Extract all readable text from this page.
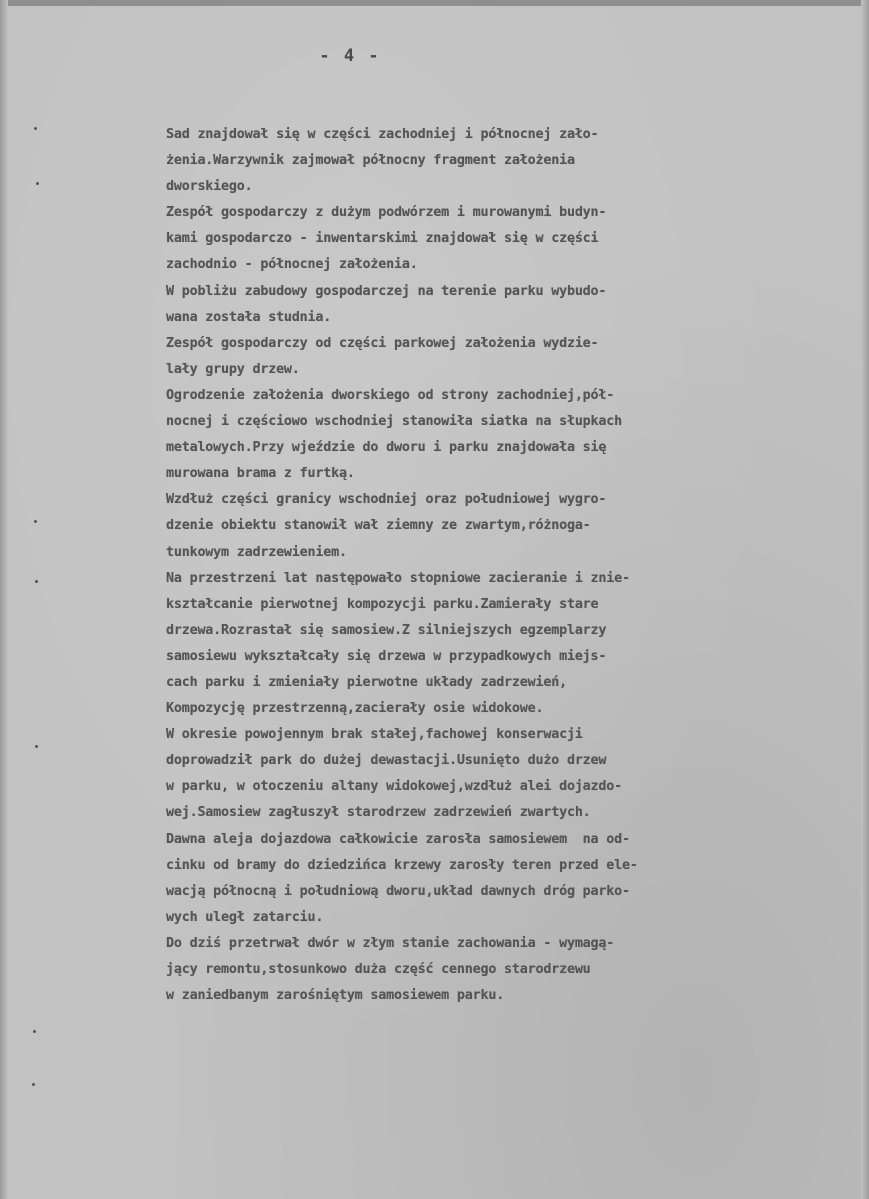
- 4 -
Sad znajdował się w części zachodniej i północnej zało-
żenia.Warzywnik zajmował północny fragment założenia
dworskiego.
Zespół gospodarczy z dużym podwórzem i murowanymi budyn-
kami gospodarczo - inwentarskimi znajdował się w części
zachodnio - północnej założenia.
W pobliżu zabudowy gospodarczej na terenie parku wybudo-
wana została studnia.
Zespół gospodarczy od części parkowej założenia wydzie-
lały grupy drzew.
Ogrodzenie założenia dworskiego od strony zachodniej,pół-
nocnej i częściowo wschodniej stanowiła siatka na słupkach
metalowych.Przy wjeździe do dworu i parku znajdowała się
murowana brama z furtką.
Wzdłuż części granicy wschodniej oraz południowej wygro-
dzenie obiektu stanowił wał ziemny ze zwartym,różnoga-
tunkowym zadrzewieniem.
Na przestrzeni lat następowało stopniowe zacieranie i znie-
kształcanie pierwotnej kompozycji parku.Zamierały stare
drzewa.Rozrastał się samosiew.Z silniejszych egzemplarzy
samosiewu wykształcały się drzewa w przypadkowych miejs-
cach parku i zmieniały pierwotne układy zadrzewień,
Kompozycję przestrzenną,zacierały osie widokowe.
W okresie powojennym brak stałej,fachowej konserwacji
doprowadził park do dużej dewastacji.Usunięto dużo drzew
w parku, w otoczeniu altany widokowej,wzdłuż alei dojazdo-
wej.Samosiew zagłuszył starodrzew zadrzewień zwartych.
Dawna aleja dojazdowa całkowicie zarosła samosiewem  na od-
cinku od bramy do dziedzińca krzewy zarosły teren przed ele-
wacją północną i południową dworu,układ dawnych dróg parko-
wych uległ zatarciu.
Do dziś przetrwał dwór w złym stanie zachowania - wymagą-
jący remontu,stosunkowo duża część cennego starodrzewu
w zaniedbanym zarośniętym samosiewem parku.
